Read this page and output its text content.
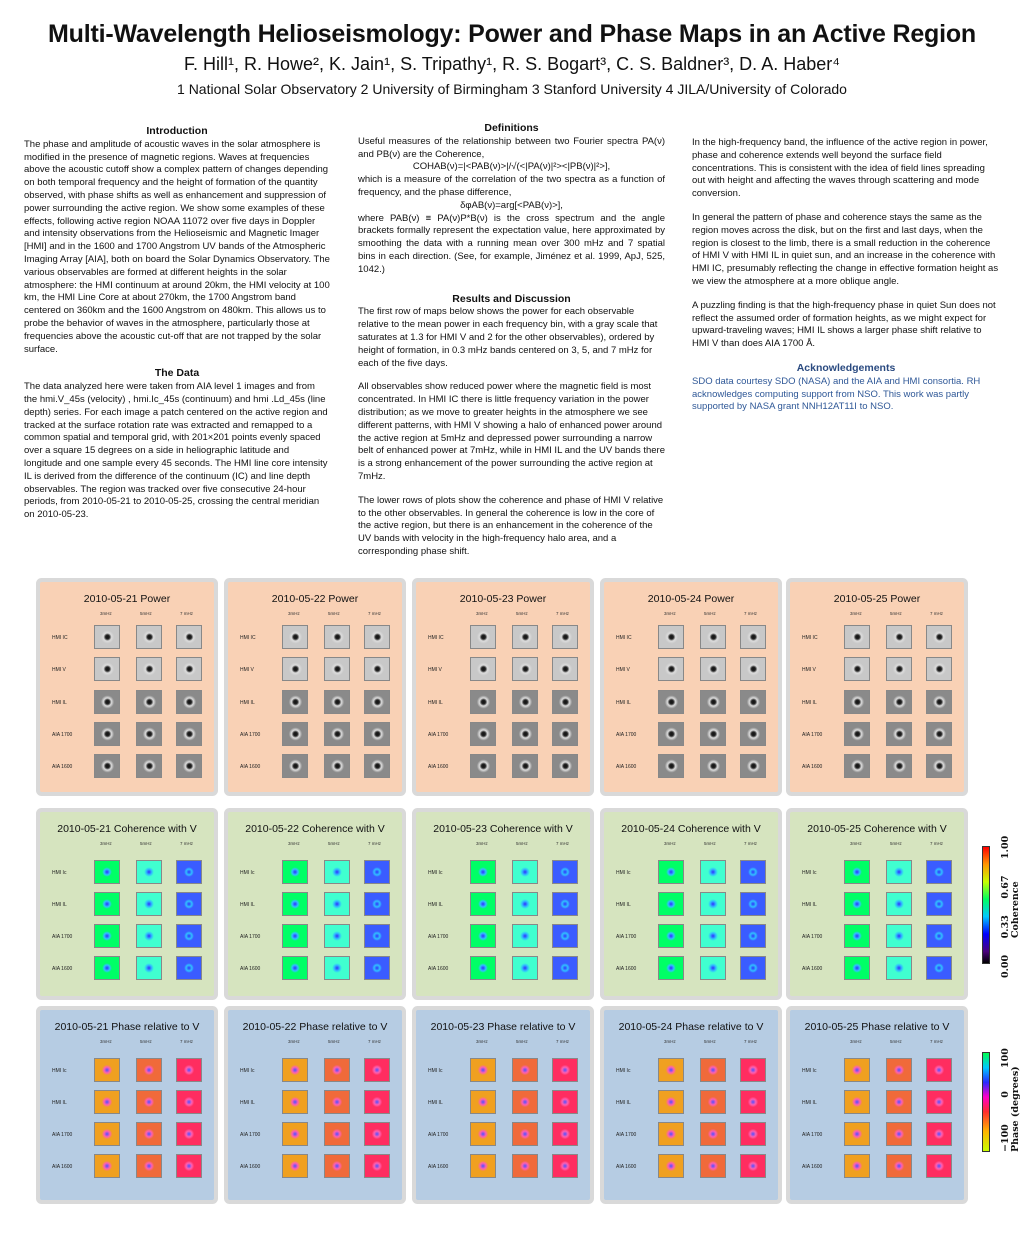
Multi-Wavelength Helioseismology: Power and Phase Maps in an Active Region
F. Hill¹, R. Howe², K. Jain¹, S. Tripathy¹, R. S. Bogart³, C. S. Baldner³, D. A. Haber⁴
1 National Solar Observatory 2 University of Birmingham 3 Stanford University 4 JILA/University of Colorado
Introduction

The phase and amplitude of acoustic waves in the solar atmosphere is modified in the presence of magnetic regions. Waves at frequencies above the acoustic cutoff show a complex pattern of changes depending on both temporal frequency and the height of formation of the quantity observed, with phase shifts as well as enhancement and suppression of power surrounding the active region. We show some examples of these effects, following active region NOAA 11072 over five days in Doppler and intensity observations from the Helioseismic and Magnetic Imager [HMI] and in the 1600 and 1700 Angstrom UV bands of the Atmospheric Imaging Array [AIA], both on board the Solar Dynamics Observatory. The various observables are formed at different heights in the solar atmosphere: the HMI continuum at around 20km, the HMI velocity at 100 km, the HMI Line Core at about 270km, the 1700 Angstrom band centered on 360km and the 1600 Angstrom on 480km. This allows us to probe the behavior of waves in the atmosphere, particularly those at frequencies above the acoustic cut-off that are not trapped by the solar surface.

The Data

The data analyzed here were taken from AIA level 1 images and from the hmi.V_45s (velocity) , hmi.Ic_45s (continuum) and hmi .Ld_45s (line depth) series. For each image a patch centered on the active region and tracked at the surface rotation rate was extracted and remapped to a common spatial and temporal grid, with 201×201 points evenly spaced over a square 15 degrees on a side in heliographic latitude and longitude and one sample every 45 seconds. The HMI line core intensity IL is derived from the difference of the continuum (IC) and line depth observables. The region was tracked over five consecutive 24-hour periods, from 2010-05-21 to 2010-05-25, crossing the central meridian on 2010-05-23.

Definitions

Useful measures of the relationship between two Fourier spectra PA(ν) and PB(ν) are the Coherence,

COHAB(ν)=|<PAB(ν)>|/√(<|PA(ν)|²><|PB(ν)|²>],

which is a measure of the correlation of the two spectra as a function of frequency, and the phase difference,

δφAB(ν)=arg[<PAB(ν)>],

where PAB(ν) ≡ PA(ν)P*B(ν) is the cross spectrum and the angle brackets formally represent the expectation value, here approximated by smoothing the data with a running mean over 300 mHz and 7 spatial bins in each direction. (See, for example, Jiménez et al. 1999, ApJ, 525, 1042.)

Results and Discussion

The first row of maps below shows the power for each observable relative to the mean power in each frequency bin, with a gray scale that saturates at 1.3 for HMI V and 2 for the other observables), ordered by height of formation, in 0.3 mHz bands centered on 3, 5, and 7 mHz for each of the five days.

All observables show reduced power where the magnetic field is most concentrated. In HMI IC there is little frequency variation in the power distribution; as we move to greater heights in the atmosphere we see different patterns, with HMI V showing a halo of enhanced power around the active region at 5mHz and depressed power surrounding a narrow belt of enhanced power at 7mHz, while in HMI IL and the UV bands there is a strong enhancement of the power surrounding the active region at 7mHz.

The lower rows of plots show the coherence and phase of HMI V relative to the other observables. In general the coherence is low in the core of the active region, but there is an enhancement in the coherence of the UV bands with velocity in the high-frequency halo area, and a corresponding phase shift.

In the high-frequency band, the influence of the active region in power, phase and coherence extends well beyond the surface field concentrations. This is consistent with the idea of field lines spreading out with height and affecting the waves through scattering and mode conversion.

In general the pattern of phase and coherence stays the same as the region moves across the disk, but on the first and last days, when the region is closest to the limb, there is a small reduction in the coherence of HMI V with HMI IL in quiet sun, and an increase in the coherence with HMI IC, presumably reflecting the change in effective formation height as we view the atmosphere at a more oblique angle.

A puzzling finding is that the high-frequency phase in quiet Sun does not reflect the assumed order of formation heights, as we might expect for upward-traveling waves; HMI IL shows a larger phase shift relative to HMI V than does AIA 1700 Å.

Acknowledgements

SDO data courtesy SDO (NASA) and the AIA and HMI consortia. RH acknowledges computing support from NSO. This work was partly supported by NASA grant NNH12AT11I to NSO.

2010-05-21 Power
3mHz	5mHz	7 mHz
HMI IC
HMI V
HMI IL
AIA 1700
AIA 1600
2010-05-22 Power
3mHz	5mHz	7 mHz
HMI IC
HMI V
HMI IL
AIA 1700
AIA 1600
2010-05-23 Power
3mHz	5mHz	7 mHz
HMI IC
HMI V
HMI IL
AIA 1700
AIA 1600
2010-05-24 Power
3mHz	5mHz	7 mHz
HMI IC
HMI V
HMI IL
AIA 1700
AIA 1600
2010-05-25 Power
3mHz	5mHz	7 mHz
HMI IC
HMI V
HMI IL
AIA 1700
AIA 1600
2010-05-21 Coherence with V
3mHz	5mHz	7 mHz
HMI Ic
HMI IL
AIA 1700
AIA 1600
2010-05-22 Coherence with V
3mHz	5mHz	7 mHz
HMI Ic
HMI IL
AIA 1700
AIA 1600
2010-05-23 Coherence with V
3mHz	5mHz	7 mHz
HMI Ic
HMI IL
AIA 1700
AIA 1600
2010-05-24 Coherence with V
3mHz	5mHz	7 mHz
HMI Ic
HMI IL
AIA 1700
AIA 1600
2010-05-25 Coherence with V
3mHz	5mHz	7 mHz
HMI Ic
HMI IL
AIA 1700
AIA 1600
2010-05-21 Phase relative to V
3mHz	5mHz	7 mHz
HMI Ic
HMI IL
AIA 1700
AIA 1600
2010-05-22 Phase relative to V
3mHz	5mHz	7 mHz
HMI Ic
HMI IL
AIA 1700
AIA 1600
2010-05-23 Phase relative to V
3mHz	5mHz	7 mHz
HMI Ic
HMI IL
AIA 1700
AIA 1600
2010-05-24 Phase relative to V
3mHz	5mHz	7 mHz
HMI Ic
HMI IL
AIA 1700
AIA 1600
2010-05-25 Phase relative to V
3mHz	5mHz	7 mHz
HMI Ic
HMI IL
AIA 1700
AIA 1600
0.00     0.33     0.67     1.00
Coherence
−100        0       100
Phase (degrees)
